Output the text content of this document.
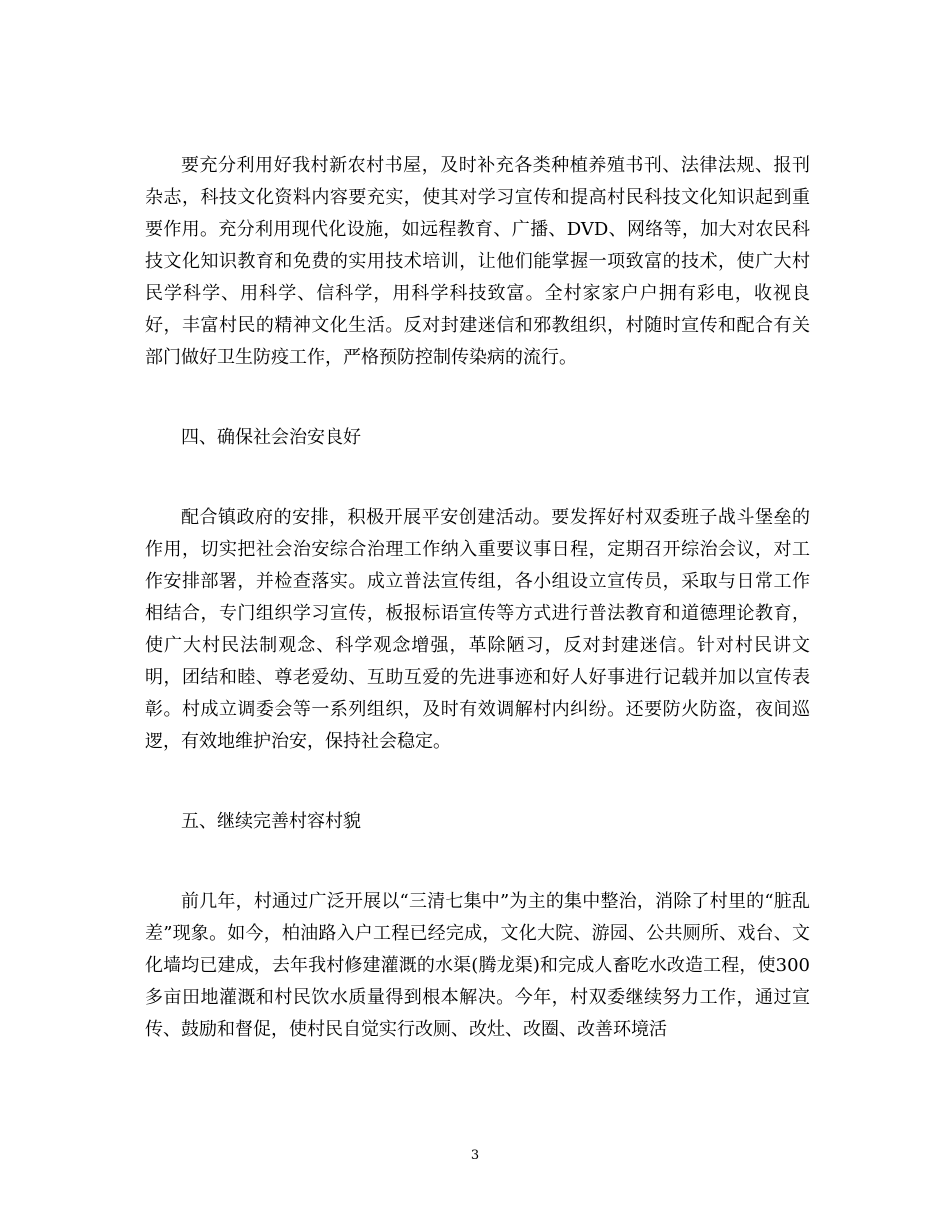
要充分利用好我村新农村书屋，及时补充各类种植养殖书刊、法律法规、报刊杂志，科技文化资料内容要充实，使其对学习宣传和提高村民科技文化知识起到重要作用。充分利用现代化设施，如远程教育、广播、DVD、网络等，加大对农民科技文化知识教育和免费的实用技术培训，让他们能掌握一项致富的技术，使广大村民学科学、用科学、信科学，用科学科技致富。全村家家户户拥有彩电，收视良好，丰富村民的精神文化生活。反对封建迷信和邪教组织，村随时宣传和配合有关部门做好卫生防疫工作，严格预防控制传染病的流行。

四、确保社会治安良好

配合镇政府的安排，积极开展平安创建活动。要发挥好村双委班子战斗堡垒的作用，切实把社会治安综合治理工作纳入重要议事日程，定期召开综治会议，对工作安排部署，并检查落实。成立普法宣传组，各小组设立宣传员，采取与日常工作相结合，专门组织学习宣传，板报标语宣传等方式进行普法教育和道德理论教育，使广大村民法制观念、科学观念增强，革除陋习，反对封建迷信。针对村民讲文明，团结和睦、尊老爱幼、互助互爱的先进事迹和好人好事进行记载并加以宣传表彰。村成立调委会等一系列组织，及时有效调解村内纠纷。还要防火防盗，夜间巡逻，有效地维护治安，保持社会稳定。

五、继续完善村容村貌

前几年，村通过广泛开展以“三清七集中”为主的集中整治，消除了村里的“脏乱差”现象。如今，柏油路入户工程已经完成，文化大院、游园、公共厕所、戏台、文化墙均已建成，去年我村修建灌溉的水渠(腾龙渠)和完成人畜吃水改造工程，使300多亩田地灌溉和村民饮水质量得到根本解决。今年，村双委继续努力工作，通过宣传、鼓励和督促，使村民自觉实行改厕、改灶、改圈、改善环境活

3
